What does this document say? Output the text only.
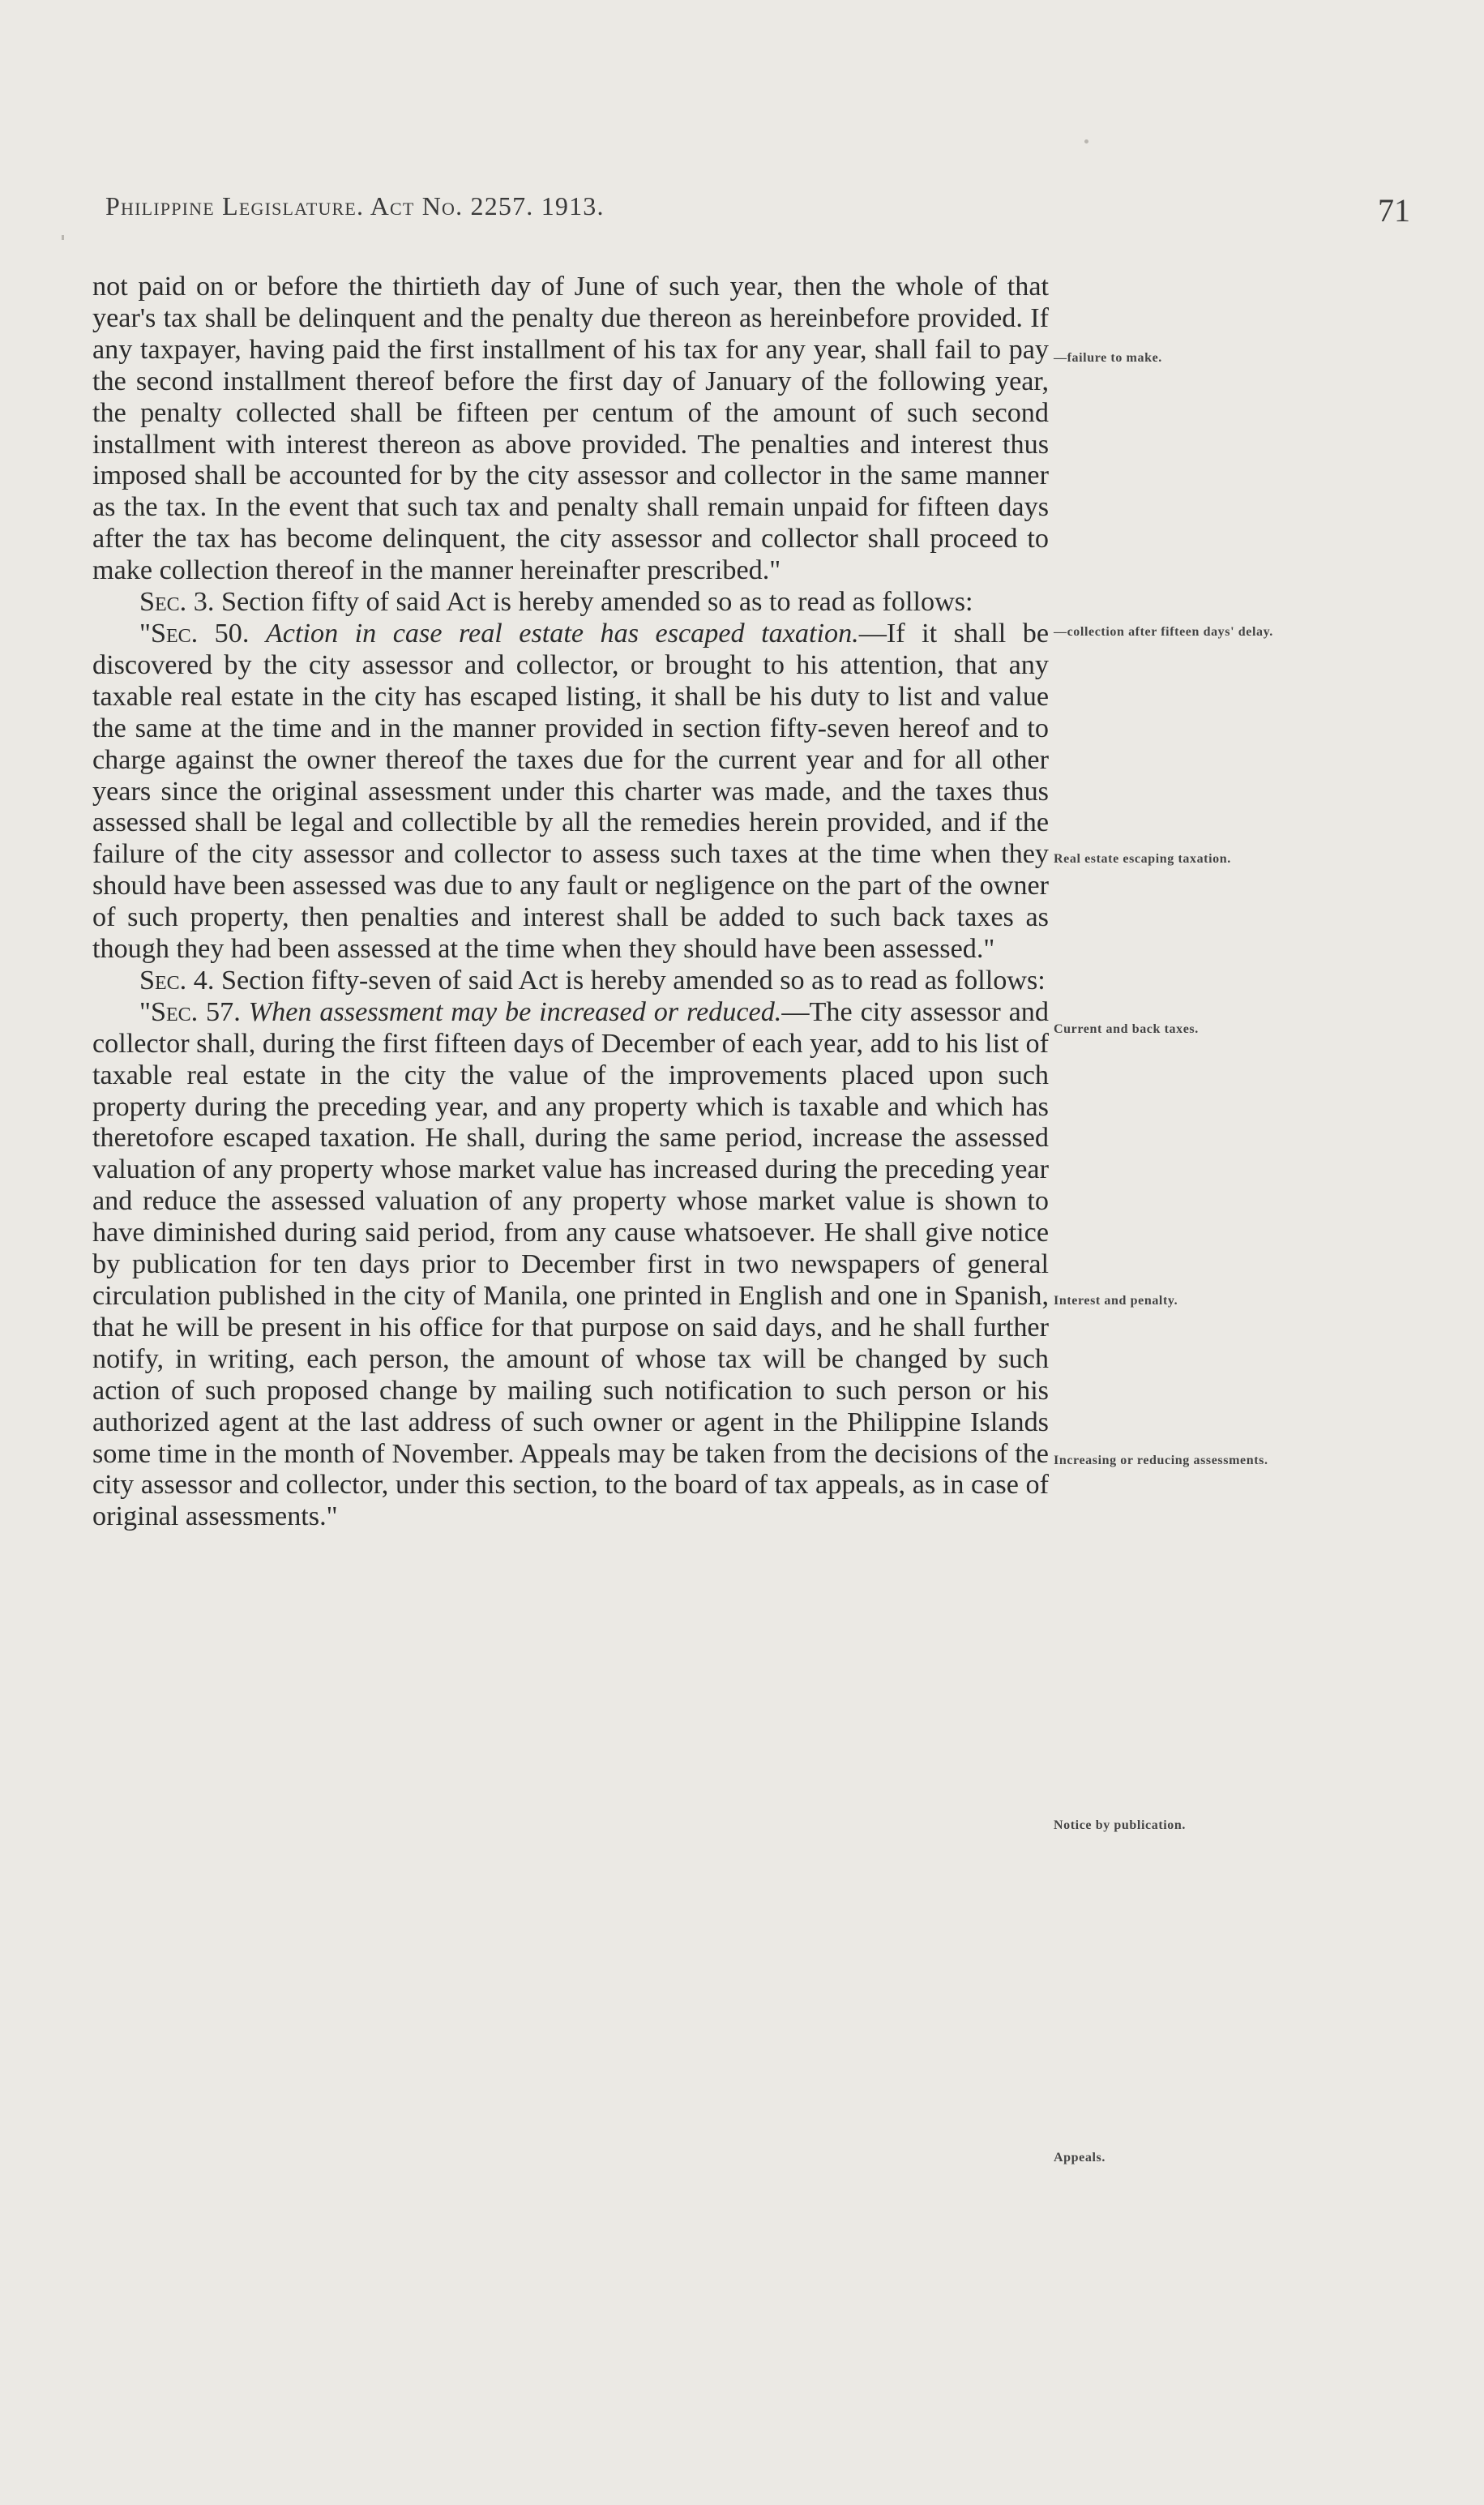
Philippine Legislature. Act No. 2257. 1913.	71

not paid on or before the thirtieth day of June of such year, then the whole of that year's tax shall be delinquent and the penalty due thereon as hereinbefore provided. If any taxpayer, having paid the first installment of his tax for any year, shall fail to pay the second installment thereof before the first day of January of the following year, the penalty collected shall be fifteen per centum of the amount of such second installment with interest thereon as above provided. The penalties and interest thus imposed shall be accounted for by the city assessor and collector in the same manner as the tax. In the event that such tax and penalty shall remain unpaid for fifteen days after the tax has become delinquent, the city assessor and collector shall proceed to make collection thereof in the manner hereinafter prescribed."

Sec. 3. Section fifty of said Act is hereby amended so as to read as follows:

"Sec. 50. Action in case real estate has escaped taxation.—If it shall be discovered by the city assessor and collector, or brought to his attention, that any taxable real estate in the city has escaped listing, it shall be his duty to list and value the same at the time and in the manner provided in section fifty-seven hereof and to charge against the owner thereof the taxes due for the current year and for all other years since the original assessment under this charter was made, and the taxes thus assessed shall be legal and collectible by all the remedies herein provided, and if the failure of the city assessor and collector to assess such taxes at the time when they should have been assessed was due to any fault or negligence on the part of the owner of such property, then penalties and interest shall be added to such back taxes as though they had been assessed at the time when they should have been assessed."

Sec. 4. Section fifty-seven of said Act is hereby amended so as to read as follows:

"Sec. 57. When assessment may be increased or reduced.—The city assessor and collector shall, during the first fifteen days of December of each year, add to his list of taxable real estate in the city the value of the improvements placed upon such property during the preceding year, and any property which is taxable and which has theretofore escaped taxation. He shall, during the same period, increase the assessed valuation of any property whose market value has increased during the preceding year and reduce the assessed valuation of any property whose market value is shown to have diminished during said period, from any cause whatsoever. He shall give notice by publication for ten days prior to December first in two newspapers of general circulation published in the city of Manila, one printed in English and one in Spanish, that he will be present in his office for that purpose on said days, and he shall further notify, in writing, each person, the amount of whose tax will be changed by such action of such proposed change by mailing such notification to such person or his authorized agent at the last address of such owner or agent in the Philippine Islands some time in the month of November. Appeals may be taken from the decisions of the city assessor and collector, under this section, to the board of tax appeals, as in case of original assessments."

—failure to make.
—collection after fifteen days' delay.
Real estate escaping taxation.
Current and back taxes.
Interest and penalty.
Increasing or reducing assessments.
Notice by publication.
Appeals.
